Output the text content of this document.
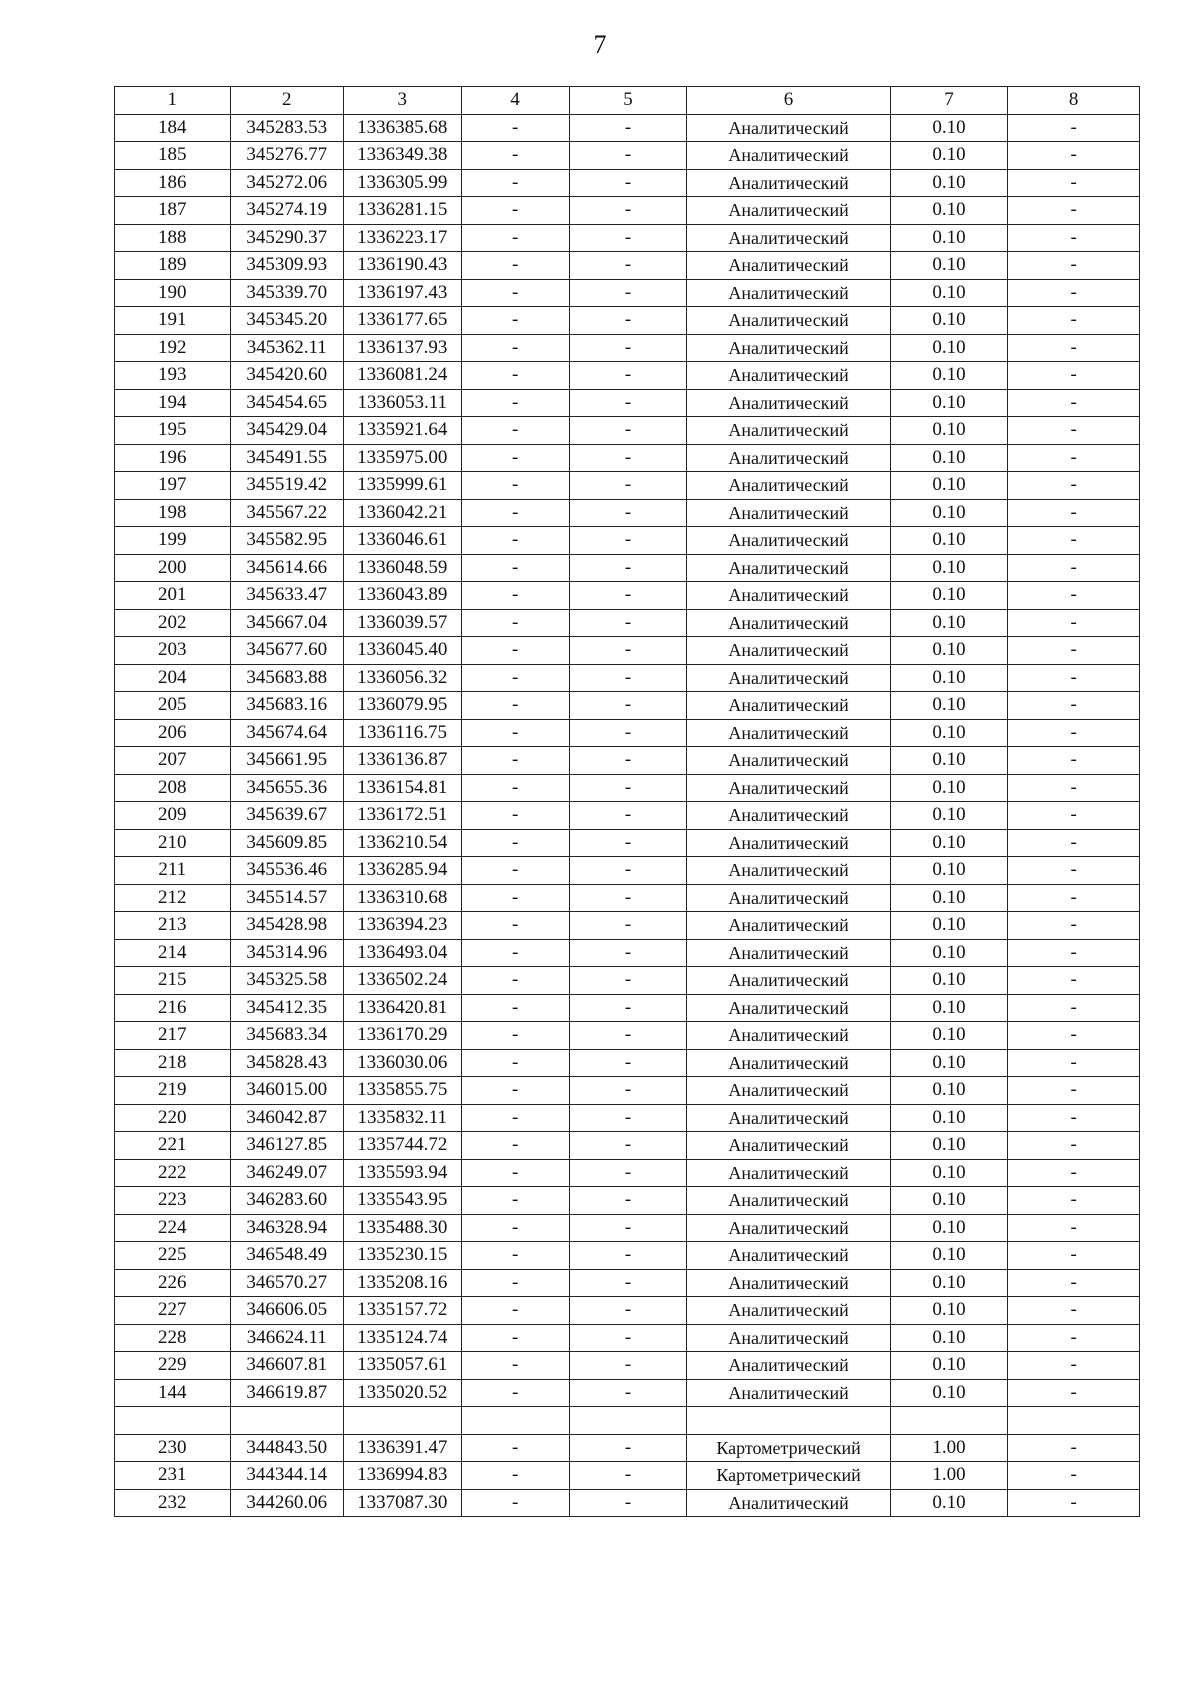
7
1	2	3	4	5	6	7	8
184	345283.53	1336385.68	-	-	Аналитический	0.10	-
185	345276.77	1336349.38	-	-	Аналитический	0.10	-
186	345272.06	1336305.99	-	-	Аналитический	0.10	-
187	345274.19	1336281.15	-	-	Аналитический	0.10	-
188	345290.37	1336223.17	-	-	Аналитический	0.10	-
189	345309.93	1336190.43	-	-	Аналитический	0.10	-
190	345339.70	1336197.43	-	-	Аналитический	0.10	-
191	345345.20	1336177.65	-	-	Аналитический	0.10	-
192	345362.11	1336137.93	-	-	Аналитический	0.10	-
193	345420.60	1336081.24	-	-	Аналитический	0.10	-
194	345454.65	1336053.11	-	-	Аналитический	0.10	-
195	345429.04	1335921.64	-	-	Аналитический	0.10	-
196	345491.55	1335975.00	-	-	Аналитический	0.10	-
197	345519.42	1335999.61	-	-	Аналитический	0.10	-
198	345567.22	1336042.21	-	-	Аналитический	0.10	-
199	345582.95	1336046.61	-	-	Аналитический	0.10	-
200	345614.66	1336048.59	-	-	Аналитический	0.10	-
201	345633.47	1336043.89	-	-	Аналитический	0.10	-
202	345667.04	1336039.57	-	-	Аналитический	0.10	-
203	345677.60	1336045.40	-	-	Аналитический	0.10	-
204	345683.88	1336056.32	-	-	Аналитический	0.10	-
205	345683.16	1336079.95	-	-	Аналитический	0.10	-
206	345674.64	1336116.75	-	-	Аналитический	0.10	-
207	345661.95	1336136.87	-	-	Аналитический	0.10	-
208	345655.36	1336154.81	-	-	Аналитический	0.10	-
209	345639.67	1336172.51	-	-	Аналитический	0.10	-
210	345609.85	1336210.54	-	-	Аналитический	0.10	-
211	345536.46	1336285.94	-	-	Аналитический	0.10	-
212	345514.57	1336310.68	-	-	Аналитический	0.10	-
213	345428.98	1336394.23	-	-	Аналитический	0.10	-
214	345314.96	1336493.04	-	-	Аналитический	0.10	-
215	345325.58	1336502.24	-	-	Аналитический	0.10	-
216	345412.35	1336420.81	-	-	Аналитический	0.10	-
217	345683.34	1336170.29	-	-	Аналитический	0.10	-
218	345828.43	1336030.06	-	-	Аналитический	0.10	-
219	346015.00	1335855.75	-	-	Аналитический	0.10	-
220	346042.87	1335832.11	-	-	Аналитический	0.10	-
221	346127.85	1335744.72	-	-	Аналитический	0.10	-
222	346249.07	1335593.94	-	-	Аналитический	0.10	-
223	346283.60	1335543.95	-	-	Аналитический	0.10	-
224	346328.94	1335488.30	-	-	Аналитический	0.10	-
225	346548.49	1335230.15	-	-	Аналитический	0.10	-
226	346570.27	1335208.16	-	-	Аналитический	0.10	-
227	346606.05	1335157.72	-	-	Аналитический	0.10	-
228	346624.11	1335124.74	-	-	Аналитический	0.10	-
229	346607.81	1335057.61	-	-	Аналитический	0.10	-
144	346619.87	1335020.52	-	-	Аналитический	0.10	-

230	344843.50	1336391.47	-	-	Картометрический	1.00	-
231	344344.14	1336994.83	-	-	Картометрический	1.00	-
232	344260.06	1337087.30	-	-	Аналитический	0.10	-
